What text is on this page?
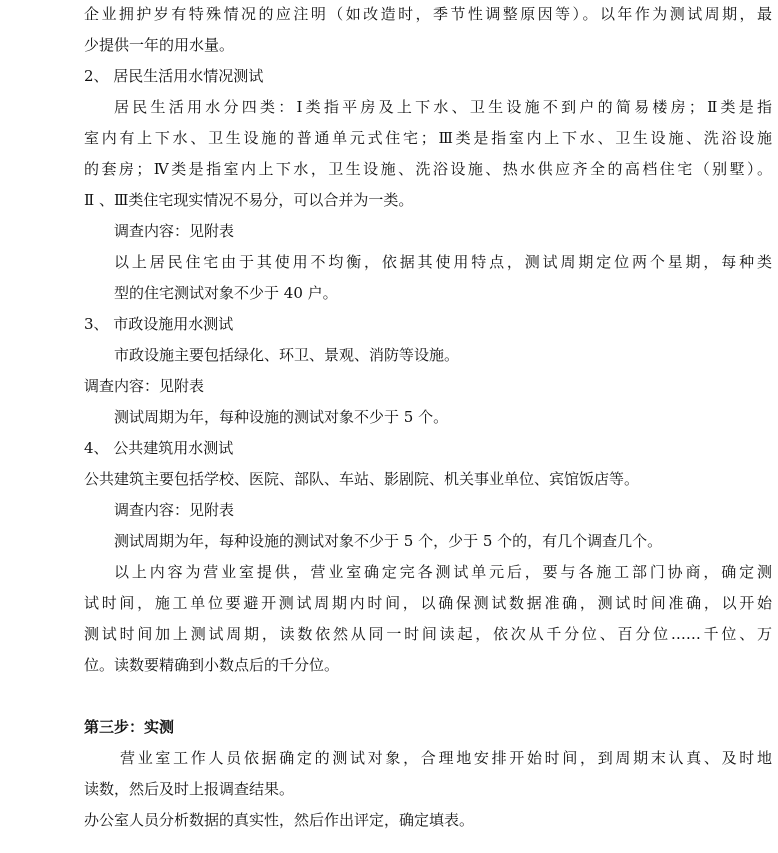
企业拥护岁有特殊情况的应注明（如改造时，季节性调整原因等）。以年作为测试周期，最
少提供一年的用水量。
2、 居民生活用水情况测试
居民生活用水分四类：Ⅰ类指平房及上下水、卫生设施不到户的简易楼房；Ⅱ类是指
室内有上下水、卫生设施的普通单元式住宅；Ⅲ类是指室内上下水、卫生设施、洗浴设施
的套房；Ⅳ类是指室内上下水，卫生设施、洗浴设施、热水供应齐全的高档住宅（别墅）。
Ⅱ 、Ⅲ类住宅现实情况不易分，可以合并为一类。
调查内容：见附表
以上居民住宅由于其使用不均衡，依据其使用特点，测试周期定位两个星期，每种类
型的住宅测试对象不少于 40 户。
3、 市政设施用水测试
市政设施主要包括绿化、环卫、景观、消防等设施。
调查内容：见附表
测试周期为年，每种设施的测试对象不少于 5 个。
4、 公共建筑用水测试
公共建筑主要包括学校、医院、部队、车站、影剧院、机关事业单位、宾馆饭店等。
调查内容：见附表
测试周期为年，每种设施的测试对象不少于 5 个，少于 5 个的，有几个调查几个。
以上内容为营业室提供，营业室确定完各测试单元后，要与各施工部门协商，确定测
试时间，施工单位要避开测试周期内时间，以确保测试数据准确，测试时间准确，以开始
测试时间加上测试周期，读数依然从同一时间读起，依次从千分位、百分位……千位、万
位。读数要精确到小数点后的千分位。
第三步：实测
营业室工作人员依据确定的测试对象，合理地安排开始时间，到周期末认真、及时地
读数，然后及时上报调查结果。
办公室人员分析数据的真实性，然后作出评定，确定填表。
